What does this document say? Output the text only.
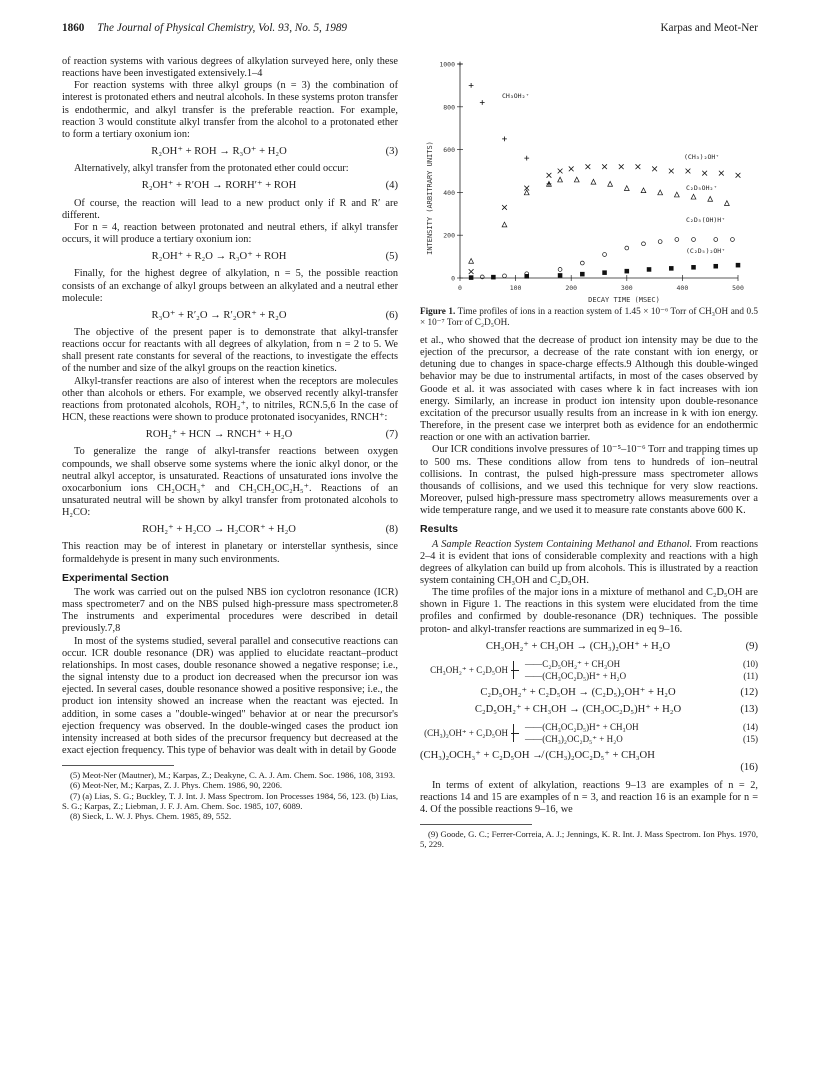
1860 The Journal of Physical Chemistry, Vol. 93, No. 5, 1989	Karpas and Meot-Ner

of reaction systems with various degrees of alkylation surveyed here, only these reactions have been investigated extensively.1–4

For reaction systems with three alkyl groups (n = 3) the combination of interest is protonated ethers and neutral alcohols. In these systems proton transfer is endothermic, and alkyl transfer is the preferable reaction. For example, reaction 3 would constitute alkyl transfer from the alcohol to a protonated ether to form a tertiary oxonium ion:

R₂OH⁺ + ROH → R₃O⁺ + H₂O	(3)

Alternatively, alkyl transfer from the protonated ether could occur:

R₂OH⁺ + R′OH → RORH′⁺ + ROH	(4)

Of course, the reaction will lead to a new product only if R and R′ are different.

For n = 4, reaction between protonated and neutral ethers, if alkyl transfer occurs, it will produce a tertiary oxonium ion:

R₂OH⁺ + R₂O → R₃O⁺ + ROH	(5)

Finally, for the highest degree of alkylation, n = 5, the possible reaction consists of an exchange of alkyl groups between an alkylated and a neutral ether molecule:

R₃O⁺ + R′₂O → R′₂OR⁺ + R₂O	(6)

The objective of the present paper is to demonstrate that alkyl-transfer reactions occur for reactants with all degrees of alkylation, from n = 2 to 5. We shall present rate constants for several of the reactions, to investigate the effects of the number and size of the alkyl groups on the reaction kinetics.

Alkyl-transfer reactions are also of interest when the receptors are molecules other than alcohols or ethers. For example, we observed recently alkyl-transfer reactions from protonated alcohols, ROH₂⁺, to nitriles, RCN.5,6 In the case of HCN, these reactions were shown to produce protonated isocyanides, RNCH⁺:

ROH₂⁺ + HCN → RNCH⁺ + H₂O	(7)

To generalize the range of alkyl-transfer reactions between oxygen compounds, we shall observe some systems where the ionic alkyl donor, or the neutral alkyl acceptor, is unsaturated. Reactions of unsaturated ions involve the oxocarbonium ions CH₂OCH₃⁺ and CH₃CH₂OC₂H₅⁺. Reactions of an unsaturated neutral will be shown by alkyl transfer from protonated alcohols to H₂CO:

ROH₂⁺ + H₂CO → H₂COR⁺ + H₂O	(8)

This reaction may be of interest in planetary or interstellar synthesis, since formaldehyde is present in many such environments.

Experimental Section

The work was carried out on the pulsed NBS ion cyclotron resonance (ICR) mass spectrometer7 and on the NBS pulsed high-pressure mass spectrometer.8 The instruments and experimental procedures were described in detail previously.7,8

In most of the systems studied, several parallel and consecutive reactions can occur. ICR double resonance (DR) was applied to elucidate reactant–product relationships. In most cases, double resonance showed a negative response; i.e., the signal intensty due to a product ion decreased when the precursor ion was ejected. In several cases, double resonance showed a positive responsive; i.e., the product ion intensity showed an increase when the reactant was ejected. In addition, in some cases a "double-winged" behavior at or near the precursor's ejection frequency was observed. In the double-winged cases the product ion intensity increased at both sides of the precursor frequency but decreased at the exact ejection frequency. This type of behavior was dealt with in detail by Goode

(5) Meot-Ner (Mautner), M.; Karpas, Z.; Deakyne, C. A. J. Am. Chem. Soc. 1986, 108, 3193.

(6) Meot-Ner, M.; Karpas, Z. J. Phys. Chem. 1986, 90, 2206.

(7) (a) Lias, S. G.; Buckley, T. J. Int. J. Mass Spectrom. Ion Processes 1984, 56, 123. (b) Lias, S. G.; Karpas, Z.; Liebman, J. F. J. Am. Chem. Soc. 1985, 107, 6089.

(8) Sieck, L. W. J. Phys. Chem. 1985, 89, 552.

INTENSITY (ARBITRARY UNITS)
DECAY TIME (MSEC)
CH₃OH₂⁺
(CH₃)₂OH⁺
C₂D₅OH₂⁺
C₂D₅(OH)H⁺
(C₂D₅)₂OH⁺
0	100	200	300	400	500
0
200
400
600
800
1000
Figure 1. Time profiles of ions in a reaction system of 1.45 × 10⁻⁶ Torr of CH₃OH and 0.5 × 10⁻⁷ Torr of C₂D₅OH.

et al., who showed that the decrease of product ion intensity may be due to the ejection of the precursor, a decrease of the rate constant with ion energy, or detuning due to changes in space-charge effects.9 Although this double-winged behavior may be due to instrumental artifacts, in most of the cases observed by Goode et al. it was associated with cases where k in fact increases with ion energy. Similarly, an increase in product ion intensity upon double-resonance excitation of the precursor usually results from an increase in k with ion energy. Therefore, in the present case we interpret both as evidence for an endothermic reaction or one with an activation barrier.

Our ICR conditions involve pressures of 10⁻⁵–10⁻⁶ Torr and trapping times up to 500 ms. These conditions allow from tens to hundreds of ion–neutral collisions. In contrast, the pulsed high-pressure mass spectrometer allows thousands of collisions, and we used this technique for very slow reactions. Moreover, pulsed high-pressure mass spectrometry allows measurements over a wide temperature range, and we used it to measure rate constants above 600 K.

Results

A Sample Reaction System Containing Methanol and Ethanol. From reactions 2–4 it is evident that ions of considerable complexity and reactions with a high degrees of alkylation can build up from alcohols. This is illustrated by a reaction system containing CH₃OH and C₂D₅OH.

The time profiles of the major ions in a mixture of methanol and C₂D₅OH are shown in Figure 1. The reactions in this system were elucidated from the time profiles and confirmed by double-resonance (DR) techniques. The possible proton- and alkyl-transfer reactions are summarized in eq 9–16.

CH₃OH₂⁺ + CH₃OH → (CH₃)₂OH⁺ + H₂O	(9)
CH₃OH₂⁺ + C₂D₅OH
—— C₂D₅OH₂⁺ + CH₃OH	(10)
—— (CH₃OC₂D₅)H⁺ + H₂O	(11)
C₂D₅OH₂⁺ + C₂D₅OH → (C₂D₅)₂OH⁺ + H₂O	(12)
C₂D₅OH₂⁺ + CH₃OH → (CH₃OC₂D₅)H⁺ + H₂O	(13)
(CH₃)₂OH⁺ + C₂D₅OH
—— (CH₃OC₂D₅)H⁺ + CH₃OH	(14)
—— (CH₃)₂OC₂D₅⁺ + H₂O	(15)
(CH₃)₂OCH₃⁺ + C₂D₅OH ↛ (CH₃)₂OC₂D₅⁺ + CH₃OH
(16)

In terms of extent of alkylation, reactions 9–13 are examples of n = 2, reactions 14 and 15 are examples of n = 3, and reaction 16 is an example for n = 4. Of the possible reactions 9–16, we

(9) Goode, G. C.; Ferrer-Correia, A. J.; Jennings, K. R. Int. J. Mass Spectrom. Ion Phys. 1970, 5, 229.
